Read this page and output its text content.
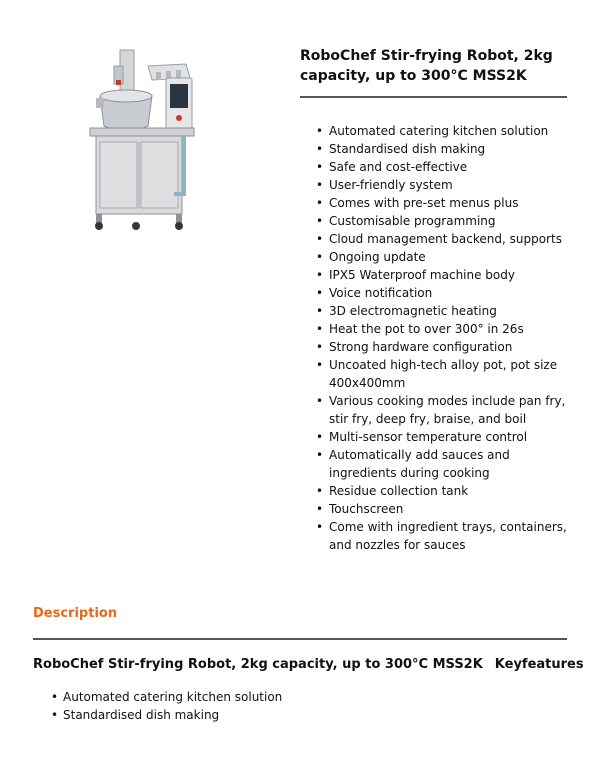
RoboChef Stir-frying Robot, 2kg capacity, up to 300°C MSS2K
• Automated catering kitchen solution
• Standardised dish making
• Safe and cost-effective
• User-friendly system
• Comes with pre-set menus plus
• Customisable programming
• Cloud management backend, supports
• Ongoing update
• IPX5 Waterproof machine body
• Voice notification
• 3D electromagnetic heating
• Heat the pot to over 300° in 26s
• Strong hardware configuration
• Uncoated high-tech alloy pot, pot size 400x400mm
• Various cooking modes include pan fry, stir fry, deep fry, braise, and boil
• Multi-sensor temperature control
• Automatically add sauces and ingredients during cooking
• Residue collection tank
• Touchscreen
• Come with ingredient trays, containers, and nozzles for sauces
Description

RoboChef Stir-frying Robot, 2kg capacity, up to 300°C MSS2K Keyfeatures

• Automated catering kitchen solution
• Standardised dish making
